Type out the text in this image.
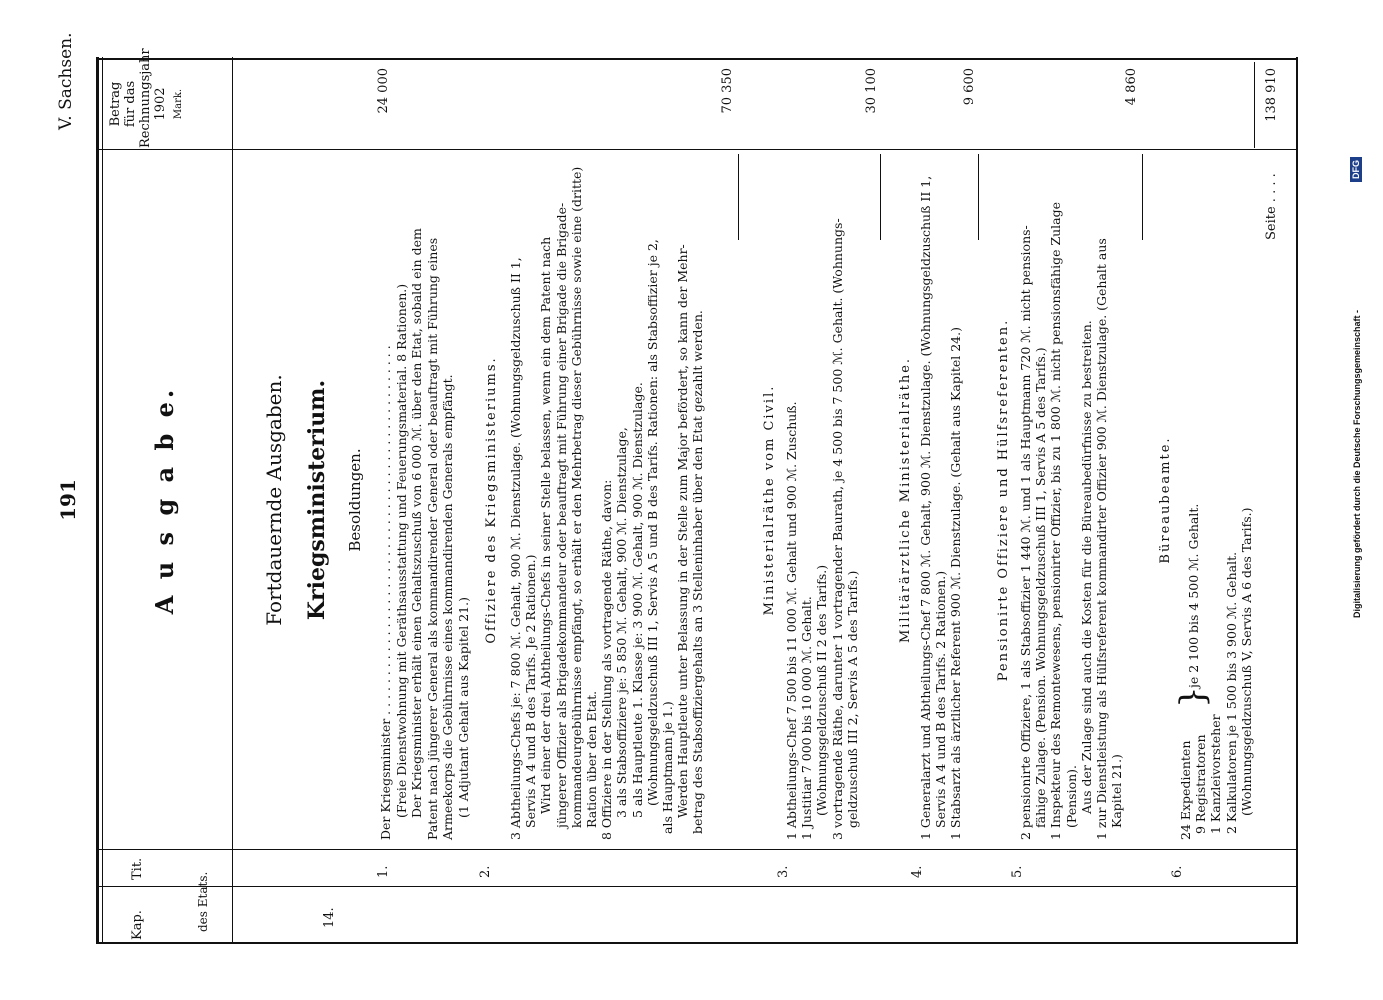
191
V. Sachsen.
A u s g a b e.
Kap.
Tit.
des Etats.
Betrag für das Rechnungsjahr 1902 Mark.
Fortdauernde Ausgaben. Kriegsministerium. Besoldungen.
14.
1.
Der Kriegsminister . . . . . . . . . . . . . . . . . . . . . . . . . . . . . . . . . . . . . . . . . . . . . . . (Freie Dienstwohnung mit Geräthsausstattung und Feuerungsmaterial. 8 Rationen.) Der Kriegsminister erhält einen Gehaltszuschuß von 6 000 ℳ. über den Etat, sobald ein dem Patent nach jüngerer General als kommandirender General oder beauftragt mit Führung eines Armeekorps die Gebührnisse eines kommandirenden Generals empfängt. (1 Adjutant Gehalt aus Kapitel 21.)
24 000
2.
Offiziere des Kriegsministeriums. 3 Abtheilungs-Chefs je: 7 800 ℳ. Gehalt, 900 ℳ. Dienstzulage. (Wohnungsgeldzuschuß II 1, Servis A 4 und B des Tarifs. Je 2 Rationen.) Wird einer der drei Abtheilungs-Chefs in seiner Stelle belassen, wenn ein dem Patent nach jüngerer Offizier als Brigadekommandeur oder beauftragt mit Führung einer Brigade die Brigade- kommandeurgebührnisse empfängt, so erhält er den Mehrbetrag dieser Gebührnisse sowie eine (dritte) Ration über den Etat. 8 Offiziere in der Stellung als vortragende Räthe, davon: 3 als Stabsoffiziere je: 5 850 ℳ. Gehalt, 900 ℳ. Dienstzulage, 5 als Hauptleute 1. Klasse je: 3 900 ℳ. Gehalt, 900 ℳ. Dienstzulage. (Wohnungsgeldzuschuß III 1, Servis A 5 und B des Tarifs. Rationen: als Stabsoffizier je 2, als Hauptmann je 1.) Werden Hauptleute unter Belassung in der Stelle zum Major befördert, so kann der Mehr- betrag des Stabsoffiziergehalts an 3 Stelleninhaber über den Etat gezahlt werden.
70 350
3.
Ministerialräthe vom Civil. 1 Abtheilungs-Chef 7 500 bis 11 000 ℳ. Gehalt und 900 ℳ. Zuschuß. 1 Justitiar 7 000 bis 10 000 ℳ. Gehalt. (Wohnungsgeldzuschuß II 2 des Tarifs.) 3 vortragende Räthe, darunter 1 vortragender Baurath, je 4 500 bis 7 500 ℳ. Gehalt. (Wohnungs- geldzuschuß III 2, Servis A 5 des Tarifs.)
30 100
4.
Militärärztliche Ministerialräthe. 1 Generalarzt und Abtheilungs-Chef 7 800 ℳ. Gehalt, 900 ℳ. Dienstzulage. (Wohnungsgeldzuschuß II 1, Servis A 4 und B des Tarifs. 2 Rationen.) 1 Stabsarzt als ärztlicher Referent 900 ℳ. Dienstzulage. (Gehalt aus Kapitel 24.)
9 600
5.
Pensionirte Offiziere und Hülfsreferenten. 2 pensionirte Offiziere, 1 als Stabsoffizier 1 440 ℳ. und 1 als Hauptmann 720 ℳ. nicht pensions- fähige Zulage. (Pension. Wohnungsgeldzuschuß III 1, Servis A 5 des Tarifs.) 1 Inspekteur des Remontewesens, pensionirter Offizier, bis zu 1 800 ℳ. nicht pensionsfähige Zulage (Pension). Aus der Zulage sind auch die Kosten für die Büreaubedürfnisse zu bestreiten. 1 zur Dienstleistung als Hülfsreferent kommandirter Offizier 900 ℳ. Dienstzulage. (Gehalt aus Kapitel 21.)
4 860
6.
Büreaubeamte.
24 Expedienten 9 Registratoren 1 Kanzleivorsteher 2 Kalkulatoren je 1 500 bis 3 900 ℳ. Gehalt. (Wohnungsgeldzuschuß V, Servis A 6 des Tarifs.)
}
je 2 100 bis 4 500 ℳ. Gehalt.
Seite . . . .
138 910
Digitalisierung gefördert durch die Deutsche Forschungsgemeinschaft -
DFG
